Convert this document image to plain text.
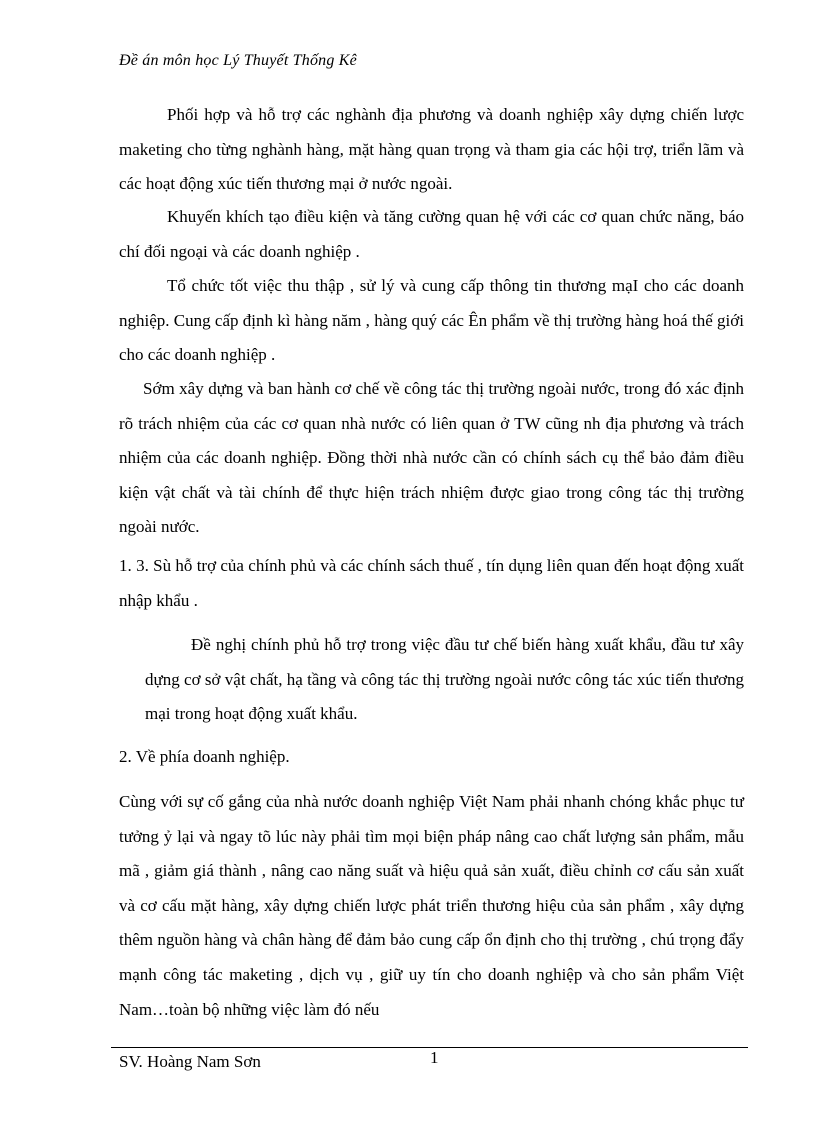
Đề án môn học Lý Thuyết Thống Kê

Phối hợp và hỗ trợ các nghành địa phương và doanh nghiệp xây dựng chiến lược maketing cho từng nghành hàng, mặt hàng quan trọng và tham gia các hội trợ, triển lãm và các hoạt động xúc tiến thương mại ở nước ngoài.

Khuyến khích tạo điều kiện và tăng cường quan hệ với các cơ quan chức năng, báo chí đối ngoại và các doanh nghiệp .

Tổ chức tốt việc thu thập , sử lý và cung cấp thông tin thương mạI cho các doanh nghiệp. Cung cấp định kì hàng năm , hàng quý các Ên phẩm về thị trường hàng hoá thế giới cho các doanh nghiệp .

Sớm xây dựng và ban hành cơ chế về công tác thị trường ngoài nước, trong đó xác định rõ trách nhiệm của các cơ quan nhà nước có liên quan ở TW cũng nh địa phương và trách nhiệm của các doanh nghiệp. Đồng thời nhà nước cần có chính sách cụ thể bảo đảm điều kiện vật chất và tài chính để thực hiện trách nhiệm được giao trong công tác thị trường ngoài nước.

1. 3. Sù hỗ trợ của chính phủ và các chính sách thuế , tín dụng liên quan đến hoạt động xuất nhập khẩu .

Đề nghị chính phủ hỗ trợ trong việc đầu tư chế biến hàng xuất khẩu, đầu tư xây dựng cơ sở vật chất, hạ tầng và công tác thị trường ngoài nước công tác xúc tiến thương mại trong hoạt động xuất khẩu.

2. Về phía doanh nghiệp.

Cùng với sự cố gắng của nhà nước doanh nghiệp Việt Nam phải nhanh chóng khắc phục tư tưởng ỷ lại và ngay tõ lúc này phải tìm mọi biện pháp nâng cao chất lượng sản phẩm, mẫu mã , giảm giá thành , nâng cao năng suất và hiệu quả sản xuất, điều chỉnh cơ cấu sản xuất và cơ cấu mặt hàng, xây dựng chiến lược phát triển thương hiệu của sản phẩm , xây dựng thêm nguồn hàng và chân hàng để đảm bảo cung cấp ổn định cho thị trường , chú trọng đẩy mạnh công tác maketing , dịch vụ , giữ uy tín cho doanh nghiệp và cho sản phẩm Việt Nam…toàn bộ những việc làm đó nếu

SV. Hoàng Nam Sơn	1
